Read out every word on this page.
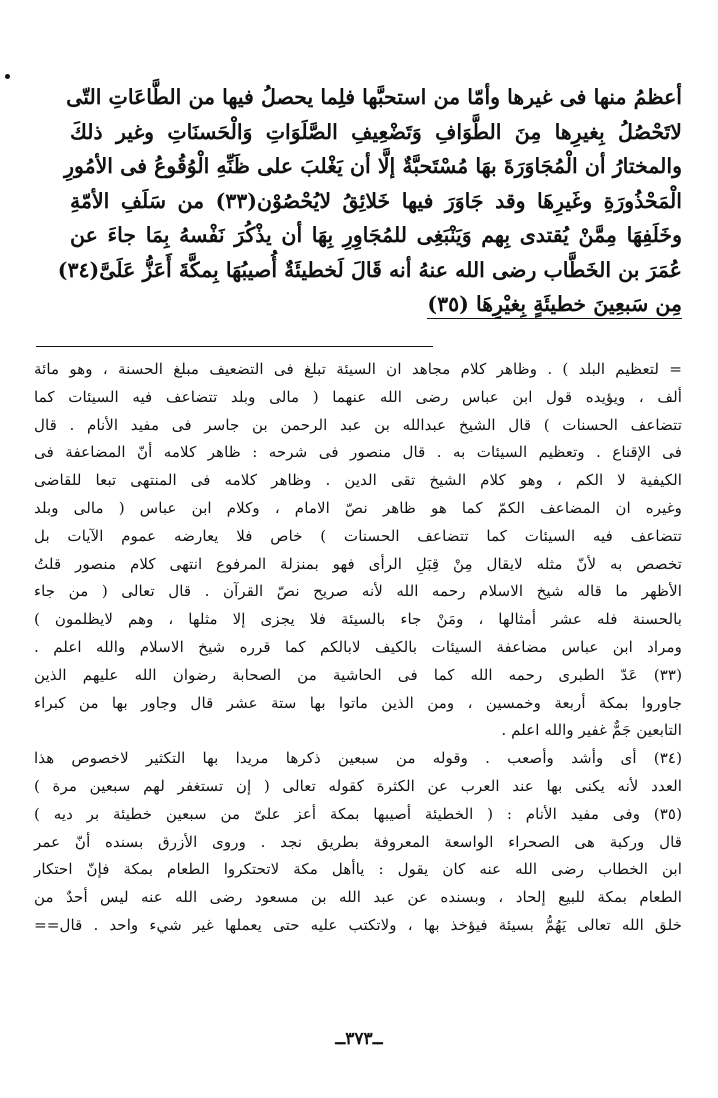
أعظمُ منها فى غيرها وأمّا من استحبَّها فلِما يحصلُ فيها من الطَّاعَاتِ التّى
لاتَحْصُلُ بِغيرِها مِنَ الطَّوَافِ وَتَضْعِيفِ الصَّلَوَاتِ وَالْحَسنَاتِ وغير ذلكَ
والمختارُ أن الْمُجَاوَرَةَ بهَا مُسْتَحبَّةٌ إلَّا أن يَغْلبَ على ظَنِّهِ الْوُقُوعُ فى الأمُورِ
الْمَحْذُورَةِ وغَيرِهَا وقد جَاوَرَ فيها خَلائِقُ لايُحْصُوْن(٣٣) من سَلَفِ الأمّةِ
وخَلَفِهَا مِمَّنْ يُقتدى بِهم وَيَنْبَغِى للمُجَاوِرِ بِهَا أن يذْكُرَ نَفْسهُ بِمَا جاءَ عن
عُمَرَ بن الخَطَّاب رضى الله عنهُ أنه قَالَ لَخطيئَةٌ أُصيبُهَا بِمكَّةَ أَعَزُّ عَلَىَّ(٣٤)
مِن سَبعِينَ خطيئَةٍ بِغيْرِهَا (٣٥)
= لتعظيم البلد ) . وظاهر كلام مجاهد ان السيئة تبلغ فى التضعيف مبلغ الحسنة ، وهو مائة
ألف ، ويؤيده قول ابن عباس رضى الله عنهما ( مالى وبلد تتضاعف فيه السيئات كما
تتضاعف الحسنات ) قال الشيخ عبدالله بن عبد الرحمن بن جاسر فى مفيد الأنام . قال
فى الإقناع . وتعظيم السيئات به . قال منصور فى شرحه : ظاهر كلامه أنّ المضاعفة فى
الكيفية لا الكم ، وهو كلام الشيخ تقى الدين . وظاهر كلامه فى المنتهى تبعا للقاضى
وغيره ان المضاعف الكمّ كما هو ظاهر نصّ الامام ، وكلام ابن عباس ( مالى وبلد
تتضاعف فيه السيئات كما تتضاعف الحسنات ) خاص فلا يعارضه عموم الآيات بل
تخصص به لأنّ مثله لايقال مِنْ قِبَلِ الرأى فهو بمنزلة المرفوع انتهى كلام منصور قلتُ
الأظهر ما قاله شيخ الاسلام رحمه الله لأنه صريح نصّ القرآن . قال تعالى ( من جاء
بالحسنة فله عشر أمثالها ، ومَنْ جاء بالسيئة فلا يجزى إلا مثلها ، وهم لايظلمون )
ومراد ابن عباس مضاعفة السيئات بالكيف لابالكم كما قرره شيخ الاسلام والله اعلم .
(٣٣) عَدّ الطبرى رحمه الله كما فى الحاشية من الصحابة رضوان الله عليهم الذين
جاوروا بمكة أربعة وخمسين ، ومن الذين ماتوا بها ستة عشر قال وجاور بها من كبراء
التابعين جَمٌّ غفير والله اعلم .
(٣٤) أى وأشد وأصعب . وقوله من سبعين ذكرها مريدا بها التكثير لاخصوص هذا
العدد لأنه يكنى بها عند العرب عن الكثرة كقوله تعالى ( إن تستغفر لهم سبعين مرة )
(٣٥) وفى مفيد الأنام : ( الخطيئة أصيبها بمكة أعز علىّ من سبعين خطيئة بر ديه )
قال وركبة هى الصحراء الواسعة المعروفة بطريق نجد . وروى الأزرق بسنده أنّ عمر
ابن الخطاب رضى الله عنه كان يقول : ياأهل مكة لاتحتكروا الطعام بمكة فإنّ احتكار
الطعام بمكة للبيع إلحاد ، وبسنده عن عبد الله بن مسعود رضى الله عنه ليس أحدٌ من
خلق الله تعالى يَهُمُّ بسيئة فيؤخذ بها ، ولاتكتب عليه حتى يعملها غير شيء واحد . قال==
ــ٣٧٣ــ
